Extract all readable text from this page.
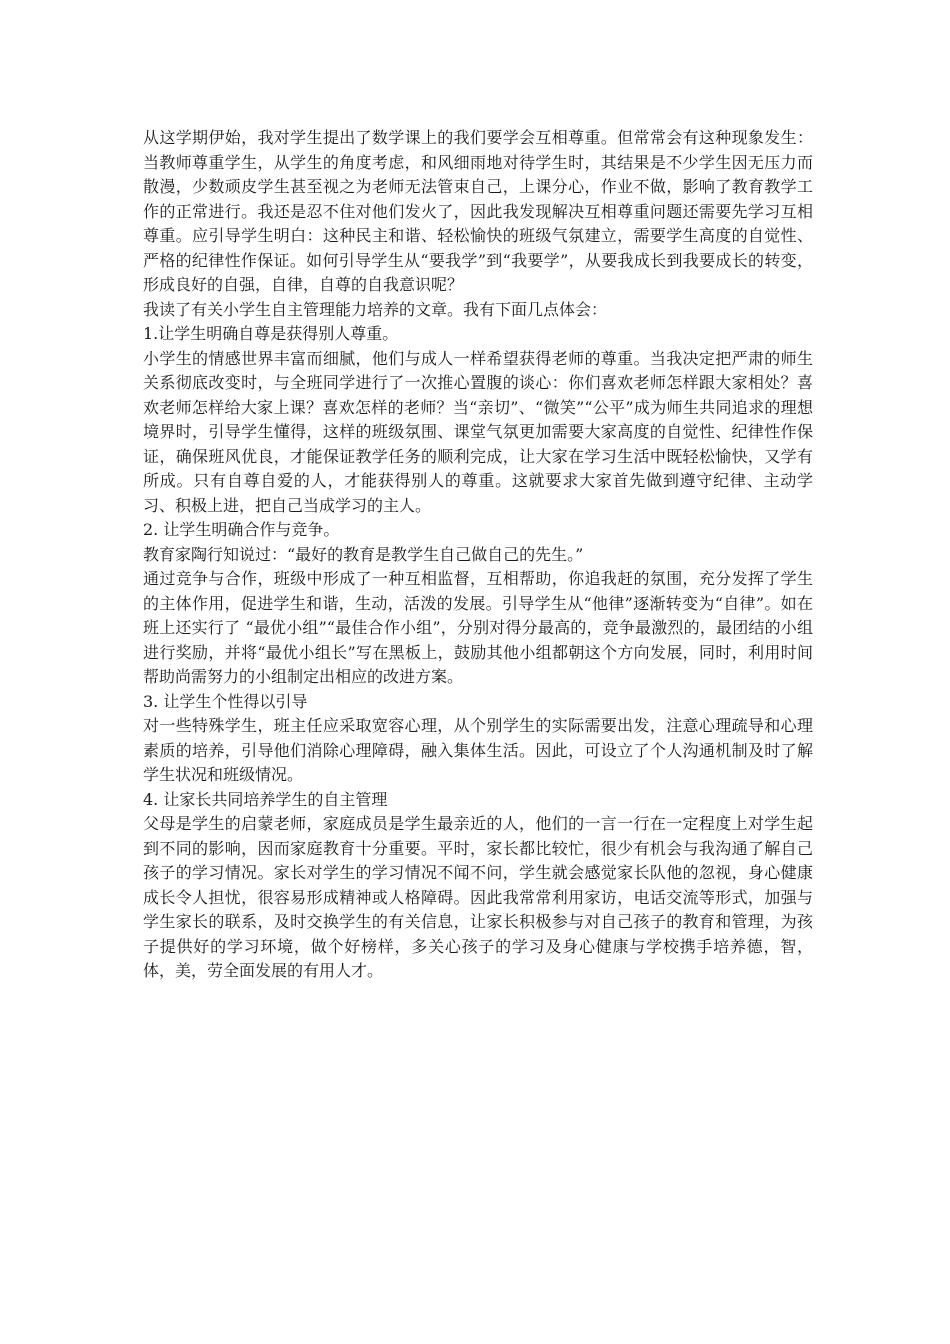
从这学期伊始，我对学生提出了数学课上的我们要学会互相尊重。但常常会有这种现象发生：当教师尊重学生，从学生的角度考虑，和风细雨地对待学生时，其结果是不少学生因无压力而散漫，少数顽皮学生甚至视之为老师无法管束自己，上课分心，作业不做，影响了教育教学工作的正常进行。我还是忍不住对他们发火了，因此我发现解决互相尊重问题还需要先学习互相尊重。应引导学生明白：这种民主和谐、轻松愉快的班级气氛建立，需要学生高度的自觉性、严格的纪律性作保证。如何引导学生从“要我学”到“我要学”，从要我成长到我要成长的转变，形成良好的自强，自律，自尊的自我意识呢？

我读了有关小学生自主管理能力培养的文章。我有下面几点体会：

1.让学生明确自尊是获得别人尊重。

小学生的情感世界丰富而细腻，他们与成人一样希望获得老师的尊重。当我决定把严肃的师生关系彻底改变时，与全班同学进行了一次推心置腹的谈心：你们喜欢老师怎样跟大家相处？喜欢老师怎样给大家上课？喜欢怎样的老师？当“亲切”、“微笑”“公平”成为师生共同追求的理想境界时，引导学生懂得，这样的班级氛围、课堂气氛更加需要大家高度的自觉性、纪律性作保证，确保班风优良，才能保证教学任务的顺利完成，让大家在学习生活中既轻松愉快，又学有所成。只有自尊自爱的人，才能获得别人的尊重。这就要求大家首先做到遵守纪律、主动学习、积极上进，把自己当成学习的主人。

2. 让学生明确合作与竞争。

教育家陶行知说过：“最好的教育是教学生自己做自己的先生。”

通过竞争与合作，班级中形成了一种互相监督，互相帮助，你追我赶的氛围，充分发挥了学生的主体作用，促进学生和谐，生动，活泼的发展。引导学生从“他律”逐渐转变为“自律”。如在班上还实行了 “最优小组”“最佳合作小组”，分别对得分最高的，竞争最激烈的，最团结的小组进行奖励，并将“最优小组长”写在黑板上，鼓励其他小组都朝这个方向发展，同时，利用时间帮助尚需努力的小组制定出相应的改进方案。

3. 让学生个性得以引导

对一些特殊学生，班主任应采取宽容心理，从个别学生的实际需要出发，注意心理疏导和心理素质的培养，引导他们消除心理障碍，融入集体生活。因此，可设立了个人沟通机制及时了解学生状况和班级情况。

4. 让家长共同培养学生的自主管理

父母是学生的启蒙老师，家庭成员是学生最亲近的人，他们的一言一行在一定程度上对学生起到不同的影响，因而家庭教育十分重要。平时，家长都比较忙，很少有机会与我沟通了解自己孩子的学习情况。家长对学生的学习情况不闻不问，学生就会感觉家长队他的忽视，身心健康成长令人担忧，很容易形成精神或人格障碍。因此我常常利用家访，电话交流等形式，加强与学生家长的联系，及时交换学生的有关信息，让家长积极参与对自己孩子的教育和管理，为孩子提供好的学习环境，做个好榜样，多关心孩子的学习及身心健康与学校携手培养德，智，体，美，劳全面发展的有用人才。
